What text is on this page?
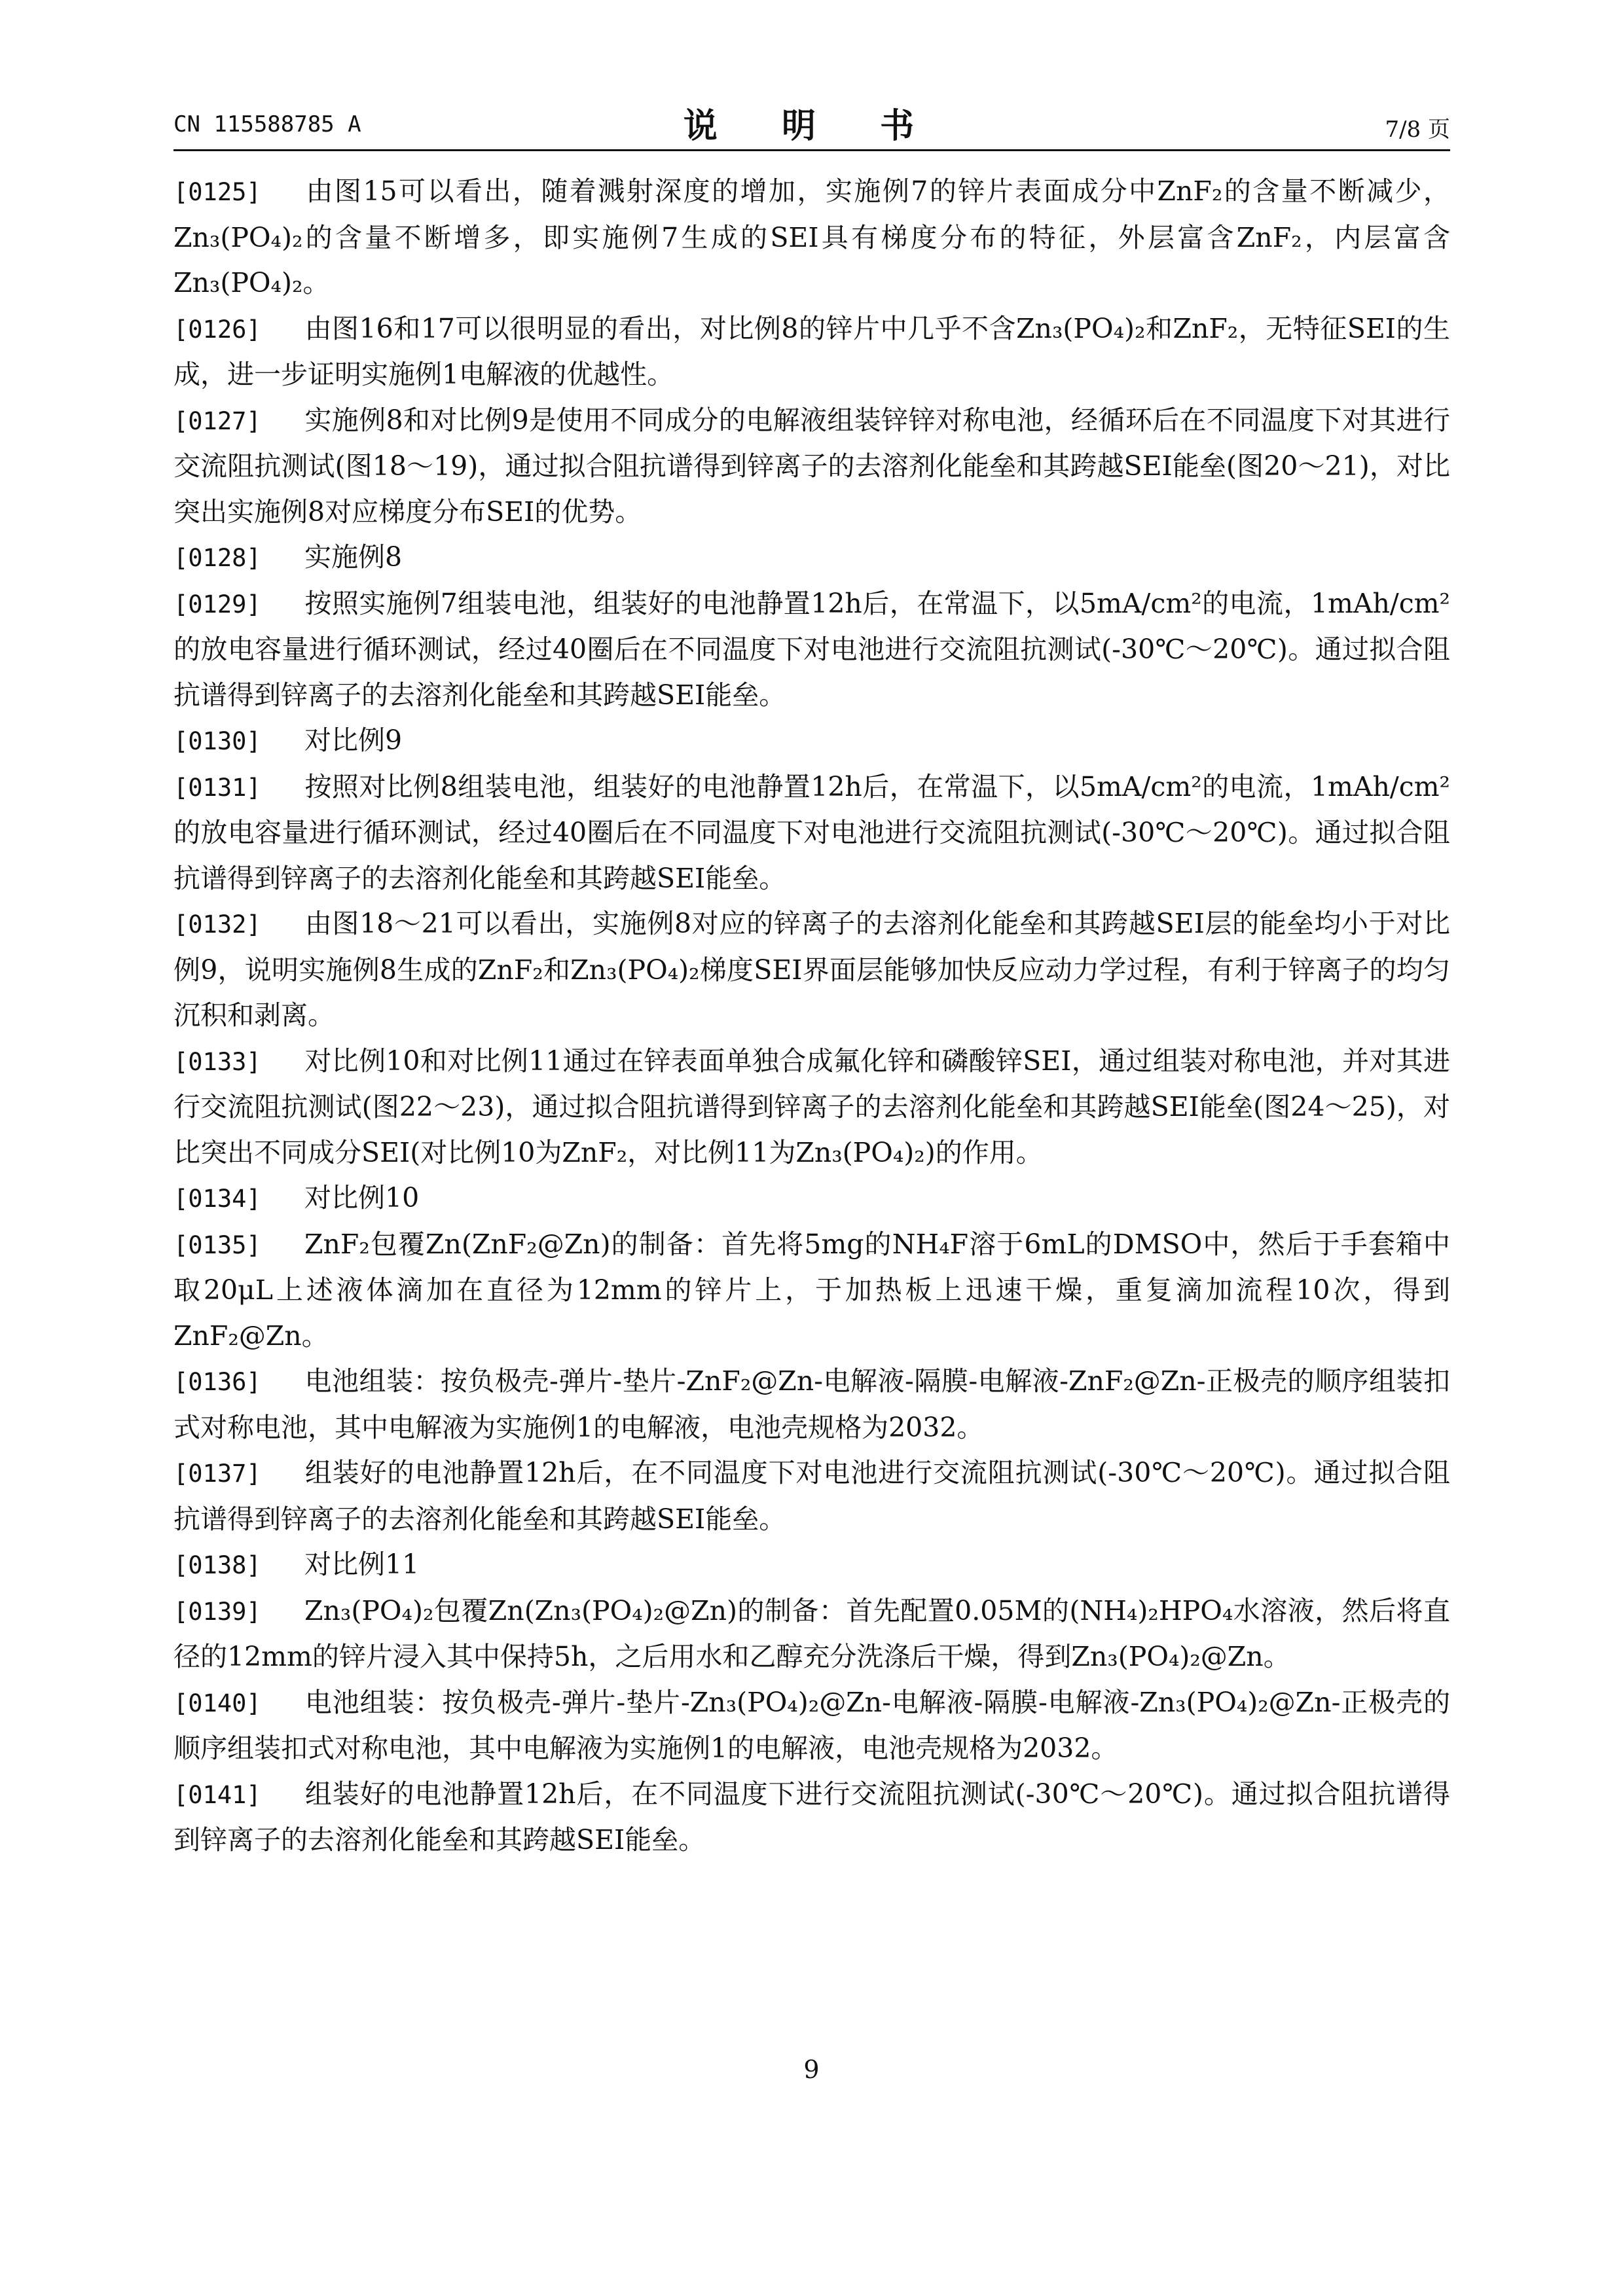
CN 115588785 A	说 明 书	7/8 页

[0125] 由图15可以看出，随着溅射深度的增加，实施例7的锌片表面成分中ZnF₂的含量不断减少，Zn₃(PO₄)₂的含量不断增多，即实施例7生成的SEI具有梯度分布的特征，外层富含ZnF₂，内层富含Zn₃(PO₄)₂。

[0126] 由图16和17可以很明显的看出，对比例8的锌片中几乎不含Zn₃(PO₄)₂和ZnF₂，无特征SEI的生成，进一步证明实施例1电解液的优越性。

[0127] 实施例8和对比例9是使用不同成分的电解液组装锌锌对称电池，经循环后在不同温度下对其进行交流阻抗测试(图18～19)，通过拟合阻抗谱得到锌离子的去溶剂化能垒和其跨越SEI能垒(图20～21)，对比突出实施例8对应梯度分布SEI的优势。

[0128] 实施例8

[0129] 按照实施例7组装电池，组装好的电池静置12h后，在常温下，以5mA/cm²的电流，1mAh/cm²的放电容量进行循环测试，经过40圈后在不同温度下对电池进行交流阻抗测试(-30℃～20℃)。通过拟合阻抗谱得到锌离子的去溶剂化能垒和其跨越SEI能垒。

[0130] 对比例9

[0131] 按照对比例8组装电池，组装好的电池静置12h后，在常温下，以5mA/cm²的电流，1mAh/cm²的放电容量进行循环测试，经过40圈后在不同温度下对电池进行交流阻抗测试(-30℃～20℃)。通过拟合阻抗谱得到锌离子的去溶剂化能垒和其跨越SEI能垒。

[0132] 由图18～21可以看出，实施例8对应的锌离子的去溶剂化能垒和其跨越SEI层的能垒均小于对比例9，说明实施例8生成的ZnF₂和Zn₃(PO₄)₂梯度SEI界面层能够加快反应动力学过程，有利于锌离子的均匀沉积和剥离。

[0133] 对比例10和对比例11通过在锌表面单独合成氟化锌和磷酸锌SEI，通过组装对称电池，并对其进行交流阻抗测试(图22～23)，通过拟合阻抗谱得到锌离子的去溶剂化能垒和其跨越SEI能垒(图24～25)，对比突出不同成分SEI(对比例10为ZnF₂，对比例11为Zn₃(PO₄)₂)的作用。

[0134] 对比例10

[0135] ZnF₂包覆Zn(ZnF₂@Zn)的制备：首先将5mg的NH₄F溶于6mL的DMSO中，然后于手套箱中取20μL上述液体滴加在直径为12mm的锌片上，于加热板上迅速干燥，重复滴加流程10次，得到ZnF₂@Zn。

[0136] 电池组装：按负极壳-弹片-垫片-ZnF₂@Zn-电解液-隔膜-电解液-ZnF₂@Zn-正极壳的顺序组装扣式对称电池，其中电解液为实施例1的电解液，电池壳规格为2032。

[0137] 组装好的电池静置12h后，在不同温度下对电池进行交流阻抗测试(-30℃～20℃)。通过拟合阻抗谱得到锌离子的去溶剂化能垒和其跨越SEI能垒。

[0138] 对比例11

[0139] Zn₃(PO₄)₂包覆Zn(Zn₃(PO₄)₂@Zn)的制备：首先配置0.05M的(NH₄)₂HPO₄水溶液，然后将直径的12mm的锌片浸入其中保持5h，之后用水和乙醇充分洗涤后干燥，得到Zn₃(PO₄)₂@Zn。

[0140] 电池组装：按负极壳-弹片-垫片-Zn₃(PO₄)₂@Zn-电解液-隔膜-电解液-Zn₃(PO₄)₂@Zn-正极壳的顺序组装扣式对称电池，其中电解液为实施例1的电解液，电池壳规格为2032。

[0141] 组装好的电池静置12h后，在不同温度下进行交流阻抗测试(-30℃～20℃)。通过拟合阻抗谱得到锌离子的去溶剂化能垒和其跨越SEI能垒。

9
